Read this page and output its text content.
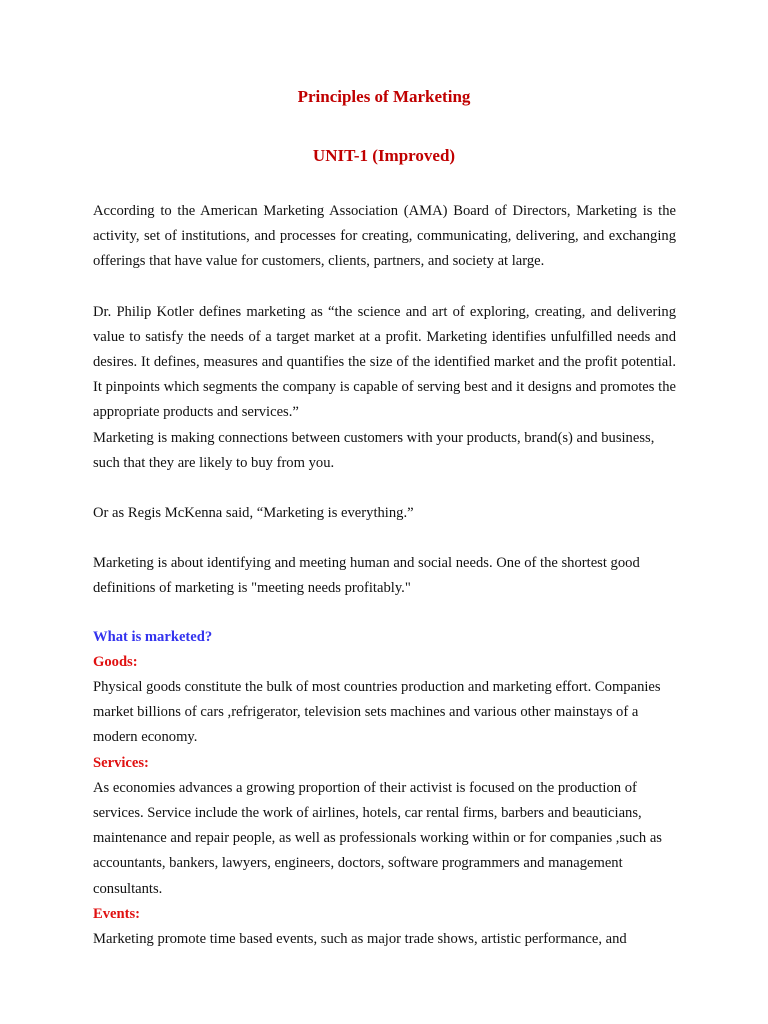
Principles of Marketing
UNIT-1 (Improved)

According to the American Marketing Association (AMA) Board of Directors, Marketing is the activity, set of institutions, and processes for creating, communicating, delivering, and exchanging offerings that have value for customers, clients, partners, and society at large.

Dr. Philip Kotler defines marketing as “the science and art of exploring, creating, and delivering value to satisfy the needs of a target market at a profit. Marketing identifies unfulfilled needs and desires. It defines, measures and quantifies the size of the identified market and the profit potential. It pinpoints which segments the company is capable of serving best and it designs and promotes the appropriate products and services.”

Marketing is making connections between customers with your products, brand(s) and business, such that they are likely to buy from you.

Or as Regis McKenna said, “Marketing is everything.”

Marketing is about identifying and meeting human and social needs. One of the shortest good definitions of marketing is "meeting needs profitably."

What is marketed?

Goods:

Physical goods constitute the bulk of most countries production and marketing effort. Companies market billions of cars ,refrigerator, television sets machines and various other mainstays of a modern economy.

Services:

As economies advances a growing proportion of their activist is focused on the production of services. Service include the work of airlines, hotels, car rental firms, barbers and beauticians, maintenance and repair people, as well as professionals working within or for companies ,such as accountants, bankers, lawyers, engineers, doctors, software programmers and management consultants.

Events:

Marketing promote time based events, such as major trade shows, artistic performance, and
